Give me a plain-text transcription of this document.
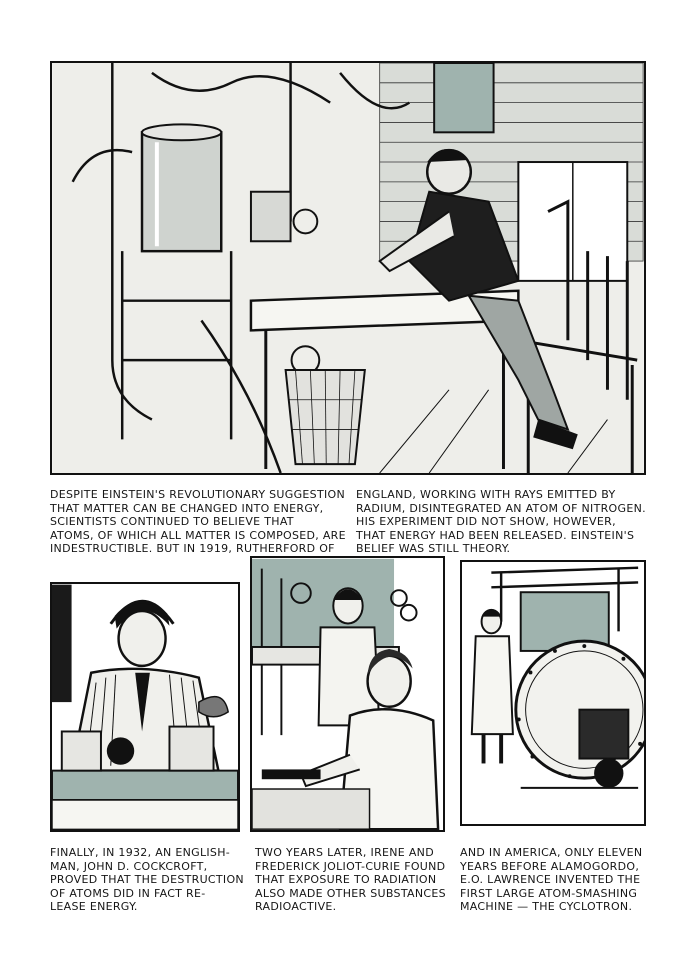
DESPITE EINSTEIN'S REVOLUTIONARY SUGGESTION
THAT MATTER CAN BE CHANGED INTO ENERGY,
SCIENTISTS CONTINUED TO BELIEVE THAT
ATOMS, OF WHICH ALL MATTER IS COMPOSED, ARE
INDESTRUCTIBLE. BUT IN 1919, RUTHERFORD OF

ENGLAND, WORKING WITH RAYS EMITTED BY
RADIUM, DISINTEGRATED AN ATOM OF NITROGEN.
HIS EXPERIMENT DID NOT SHOW, HOWEVER,
THAT ENERGY HAD BEEN RELEASED. EINSTEIN'S
BELIEF WAS STILL THEORY.

FINALLY, IN 1932, AN ENGLISH-
MAN, JOHN D. COCKCROFT,
PROVED THAT THE DESTRUCTION
OF ATOMS DID IN FACT RE-
LEASE ENERGY.

TWO YEARS LATER, IRENE AND
FREDERICK JOLIOT-CURIE FOUND
THAT EXPOSURE TO RADIATION
ALSO MADE OTHER SUBSTANCES
RADIOACTIVE.

AND IN AMERICA, ONLY ELEVEN
YEARS BEFORE ALAMOGORDO,
E.O. LAWRENCE INVENTED THE
FIRST LARGE ATOM-SMASHING
MACHINE — THE CYCLOTRON.
